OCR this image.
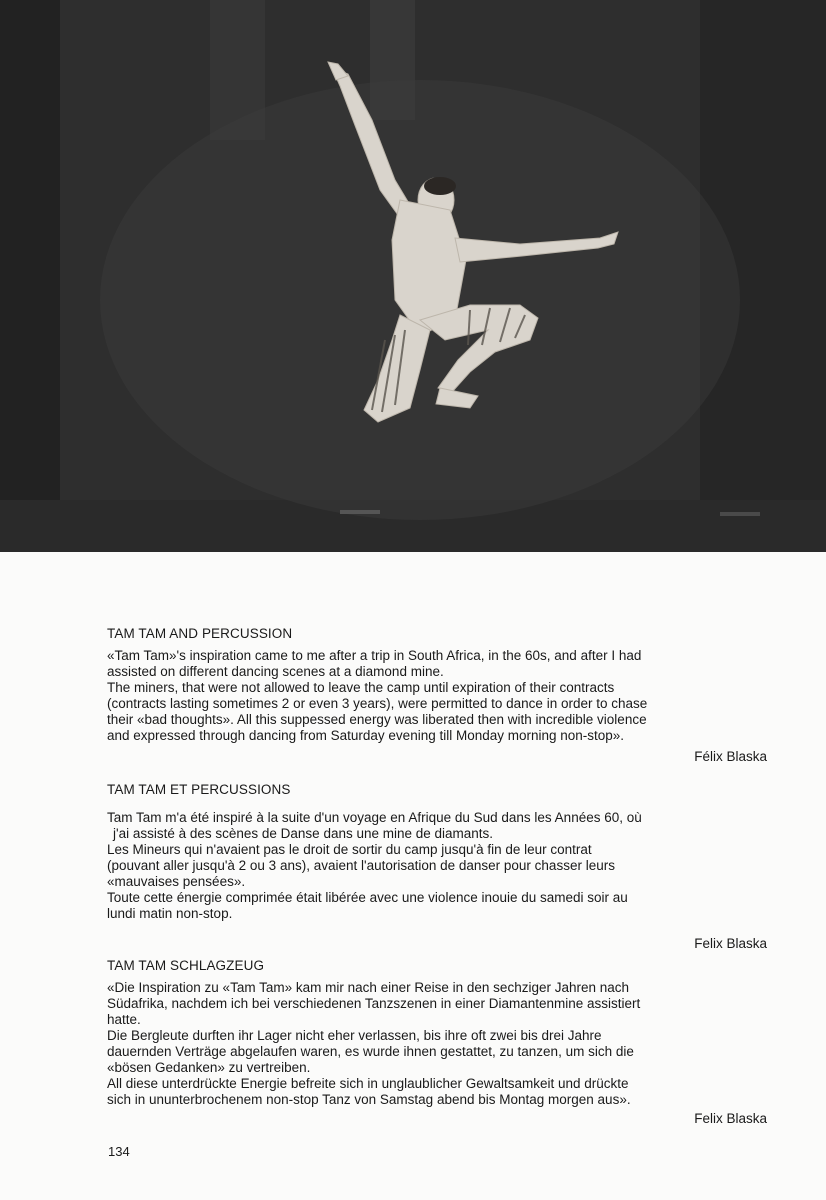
TAM TAM AND PERCUSSION

«Tam Tam»'s inspiration came to me after a trip in South Africa, in the 60s, and after I had

assisted on different dancing scenes at a diamond mine.

The miners, that were not allowed to leave the camp until expiration of their contracts

(contracts lasting sometimes 2 or even 3 years), were permitted to dance in order to chase

their «bad thoughts». All this suppessed energy was liberated then with incredible violence

and expressed through dancing from Saturday evening till Monday morning non-stop».

Félix Blaska

TAM TAM ET PERCUSSIONS

Tam Tam m'a été inspiré à la suite d'un voyage en Afrique du Sud dans les Années 60, où

j'ai assisté à des scènes de Danse dans une mine de diamants.

Les Mineurs qui n'avaient pas le droit de sortir du camp jusqu'à fin de leur contrat

(pouvant aller jusqu'à 2 ou 3 ans), avaient l'autorisation de danser pour chasser leurs

«mauvaises pensées».

Toute cette énergie comprimée était libérée avec une violence inouie du samedi soir au

lundi matin non-stop.

Felix Blaska

TAM TAM SCHLAGZEUG

«Die Inspiration zu «Tam Tam» kam mir nach einer Reise in den sechziger Jahren nach

Südafrika, nachdem ich bei verschiedenen Tanzszenen in einer Diamantenmine assistiert

hatte.

Die Bergleute durften ihr Lager nicht eher verlassen, bis ihre oft zwei bis drei Jahre

dauernden Verträge abgelaufen waren, es wurde ihnen gestattet, zu tanzen, um sich die

«bösen Gedanken» zu vertreiben.

All diese unterdrückte Energie befreite sich in unglaublicher Gewaltsamkeit und drückte

sich in ununterbrochenem non-stop Tanz von Samstag abend bis Montag morgen aus».

Felix Blaska
134
